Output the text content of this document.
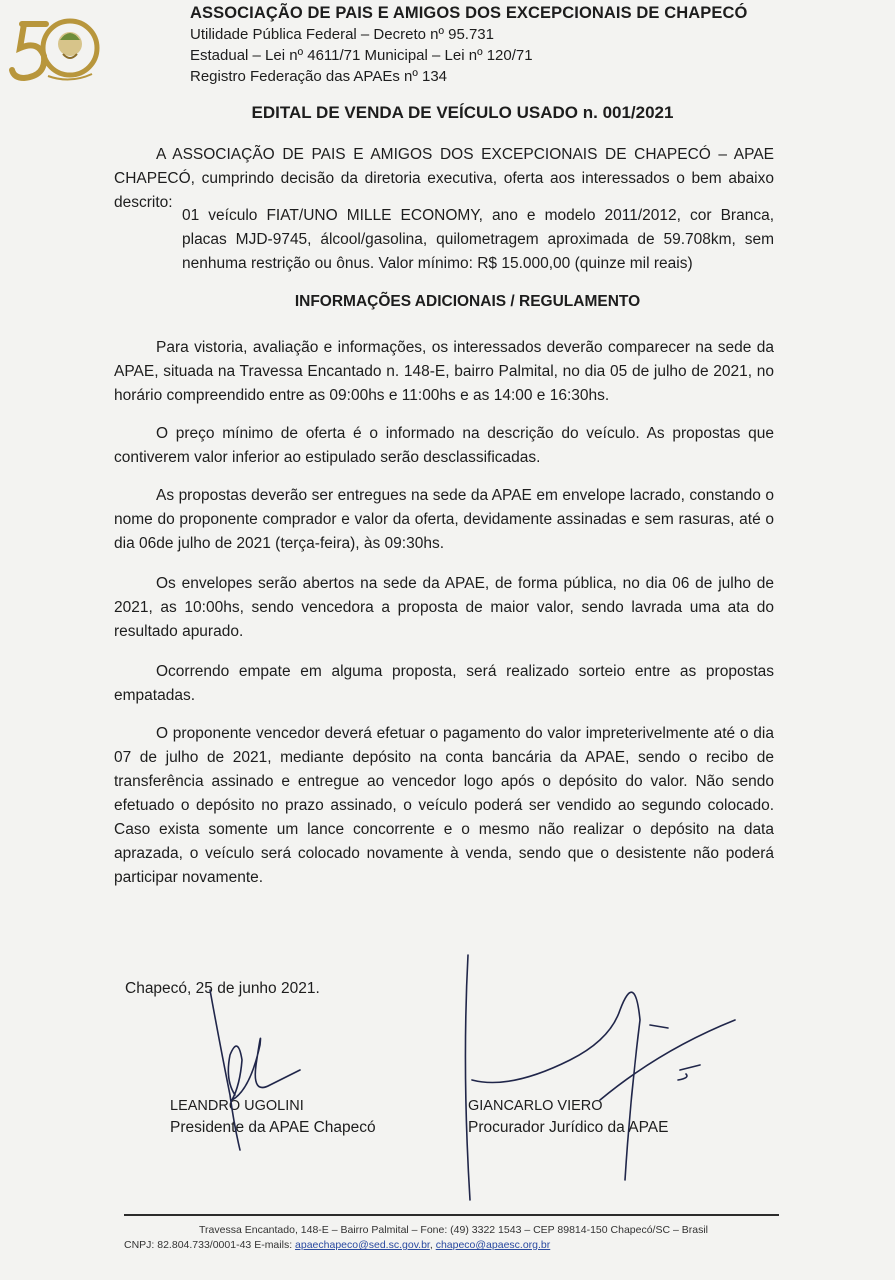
ASSOCIAÇÃO DE PAIS E AMIGOS DOS EXCEPCIONAIS DE CHAPECÓ
Utilidade Pública Federal – Decreto nº 95.731
Estadual – Lei nº 4611/71 Municipal – Lei nº 120/71
Registro Federação das APAEs nº 134
EDITAL DE VENDA DE VEÍCULO USADO n. 001/2021
A ASSOCIAÇÃO DE PAIS E AMIGOS DOS EXCEPCIONAIS DE CHAPECÓ – APAE CHAPECÓ, cumprindo decisão da diretoria executiva, oferta aos interessados o bem abaixo descrito:
01 veículo FIAT/UNO MILLE ECONOMY, ano e modelo 2011/2012, cor Branca, placas MJD-9745, álcool/gasolina, quilometragem aproximada de 59.708km, sem nenhuma restrição ou ônus. Valor mínimo: R$ 15.000,00 (quinze mil reais)
INFORMAÇÕES ADICIONAIS / REGULAMENTO
Para vistoria, avaliação e informações, os interessados deverão comparecer na sede da APAE, situada na Travessa Encantado n. 148-E, bairro Palmital, no dia 05 de julho de 2021, no horário compreendido entre as 09:00hs e 11:00hs e as 14:00 e 16:30hs.
O preço mínimo de oferta é o informado na descrição do veículo. As propostas que contiverem valor inferior ao estipulado serão desclassificadas.
As propostas deverão ser entregues na sede da APAE em envelope lacrado, constando o nome do proponente comprador e valor da oferta, devidamente assinadas e sem rasuras, até o dia 06de julho de 2021 (terça-feira), às 09:30hs.
Os envelopes serão abertos na sede da APAE, de forma pública, no dia 06 de julho de 2021, as 10:00hs, sendo vencedora a proposta de maior valor, sendo lavrada uma ata do resultado apurado.
Ocorrendo empate em alguma proposta, será realizado sorteio entre as propostas empatadas.
O proponente vencedor deverá efetuar o pagamento do valor impreterivelmente até o dia 07 de julho de 2021, mediante depósito na conta bancária da APAE, sendo o recibo de transferência assinado e entregue ao vencedor logo após o depósito do valor. Não sendo efetuado o depósito no prazo assinado, o veículo poderá ser vendido ao segundo colocado. Caso exista somente um lance concorrente e o mesmo não realizar o depósito na data aprazada, o veículo será colocado novamente à venda, sendo que o desistente não poderá participar novamente.
Chapecó, 25 de junho 2021.
LEANDRO UGOLINI
Presidente da APAE Chapecó
GIANCARLO VIERO
Procurador Jurídico da APAE
Travessa Encantado, 148-E – Bairro Palmital – Fone: (49) 3322 1543 – CEP 89814-150 Chapecó/SC – Brasil
CNPJ: 82.804.733/0001-43 E-mails: apaechapeco@sed.sc.gov.br, chapeco@apaesc.org.br
